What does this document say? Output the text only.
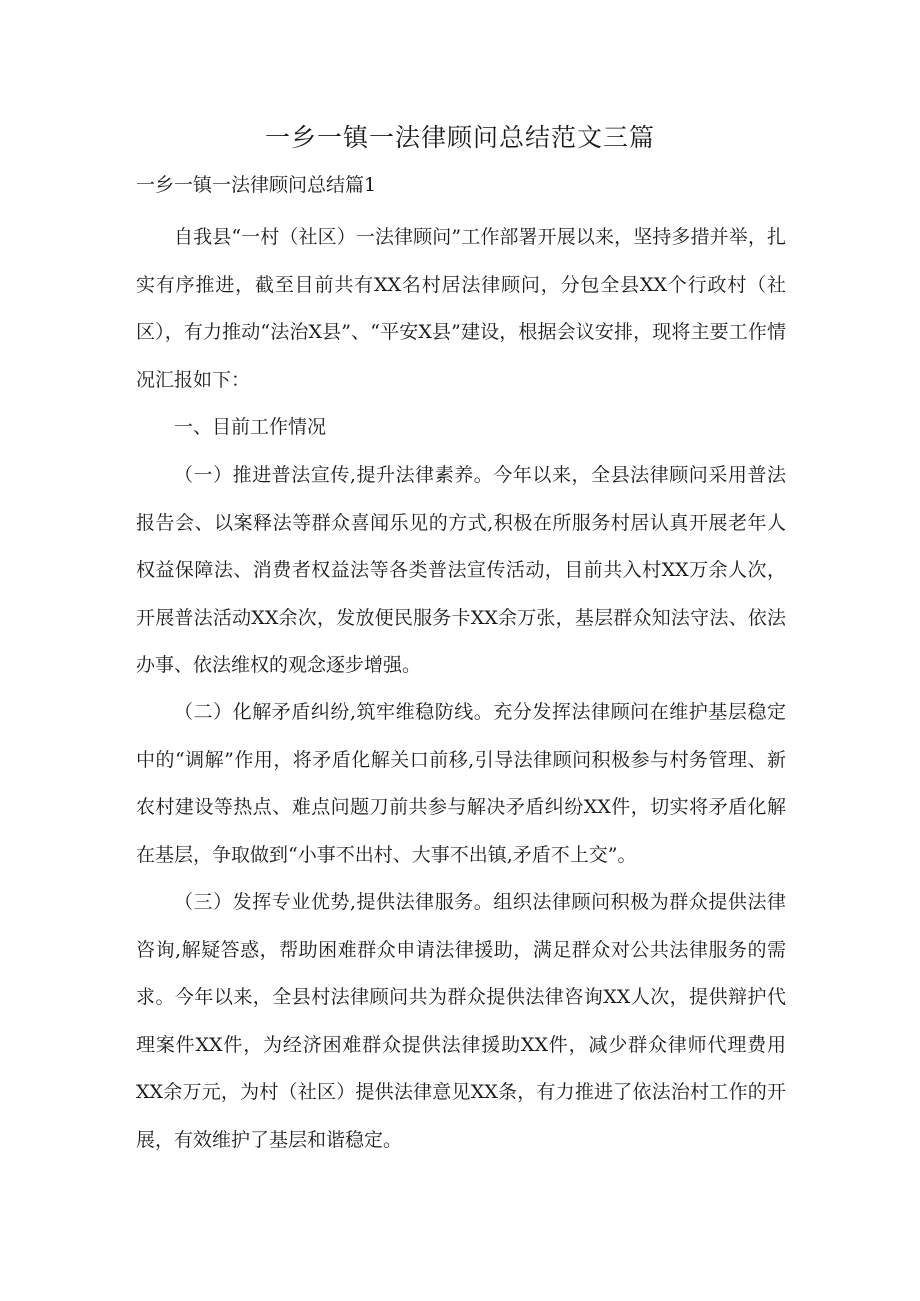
一乡一镇一法律顾问总结范文三篇
一乡一镇一法律顾问总结篇1

自我县“一村（社区）一法律顾问”工作部署开展以来，坚持多措并举，扎实有序推进，截至目前共有XX名村居法律顾问，分包全县XX个行政村（社区），有力推动“法治X县”、“平安X县”建设，根据会议安排，现将主要工作情况汇报如下：

一、目前工作情况

（一）推进普法宣传,提升法律素养。今年以来，全县法律顾问采用普法报告会、以案释法等群众喜闻乐见的方式,积极在所服务村居认真开展老年人权益保障法、消费者权益法等各类普法宣传活动，目前共入村XX万余人次，开展普法活动XX余次，发放便民服务卡XX余万张，基层群众知法守法、依法办事、依法维权的观念逐步增强。

（二）化解矛盾纠纷,筑牢维稳防线。充分发挥法律顾问在维护基层稳定中的“调解”作用，将矛盾化解关口前移,引导法律顾问积极参与村务管理、新农村建设等热点、难点问题刀前共参与解决矛盾纠纷XX件，切实将矛盾化解在基层，争取做到“小事不出村、大事不出镇,矛盾不上交”。

（三）发挥专业优势,提供法律服务。组织法律顾问积极为群众提供法律咨询,解疑答惑，帮助困难群众申请法律援助，满足群众对公共法律服务的需求。今年以来，全县村法律顾问共为群众提供法律咨询XX人次，提供辩护代理案件XX件，为经济困难群众提供法律援助XX件，减少群众律师代理费用XX余万元，为村（社区）提供法律意见XX条，有力推进了依法治村工作的开展，有效维护了基层和谐稳定。
